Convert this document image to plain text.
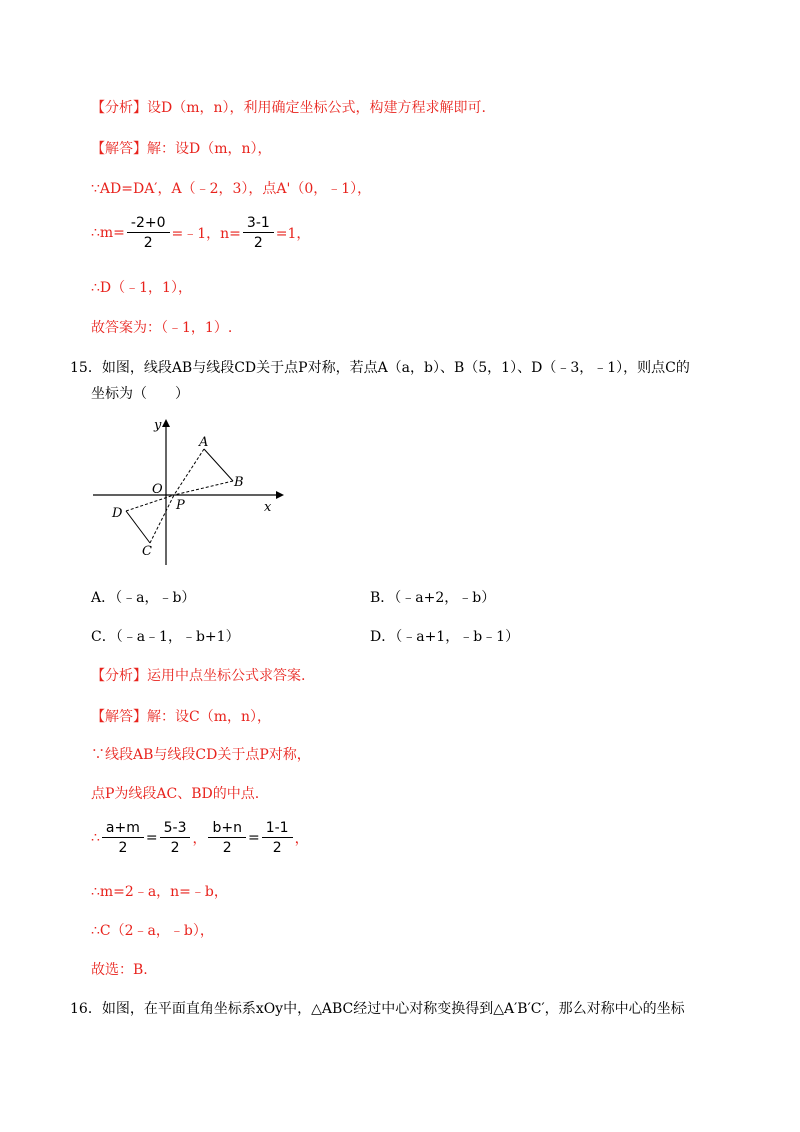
【分析】设D（m，n），利用确定坐标公式，构建方程求解即可.
【解答】解：设D（m，n），
∵AD=DA′，A（﹣2，3），点A'（0，﹣1），
∴m= $\frac{-2+0}{2}$ =﹣1，$n= \frac{3-1}{2} =1$，
∴D（﹣1，1），
故答案为：（﹣1，1）.
15．如图，线段AB与线段CD关于点P对称，若点A（a，b）、B（5，1）、D（﹣3，﹣1），则点C的
坐标为（　　）
y
x
O
A
B
C
D
P
A．（﹣a，﹣b）	B．（﹣a+2，﹣b）
C．（﹣a﹣1，﹣b+1）	D．（﹣a+1，﹣b﹣1）
【分析】运用中点坐标公式求答案.
【解答】解：设C（m，n），
∵线段AB与线段CD关于点P对称，
点P为线段AC、BD的中点.
∴ $\frac{a+m}{2} = \frac{5-3}{2}$ ， $\frac{b+n}{2} = \frac{1-1}{2}$ ，
∴m=2﹣a，n=﹣b，
∴C（2﹣a，﹣b），
故选：B.
16．如图，在平面直角坐标系xOy中，△ABC经过中心对称变换得到△A′B′C′，那么对称中心的坐标
